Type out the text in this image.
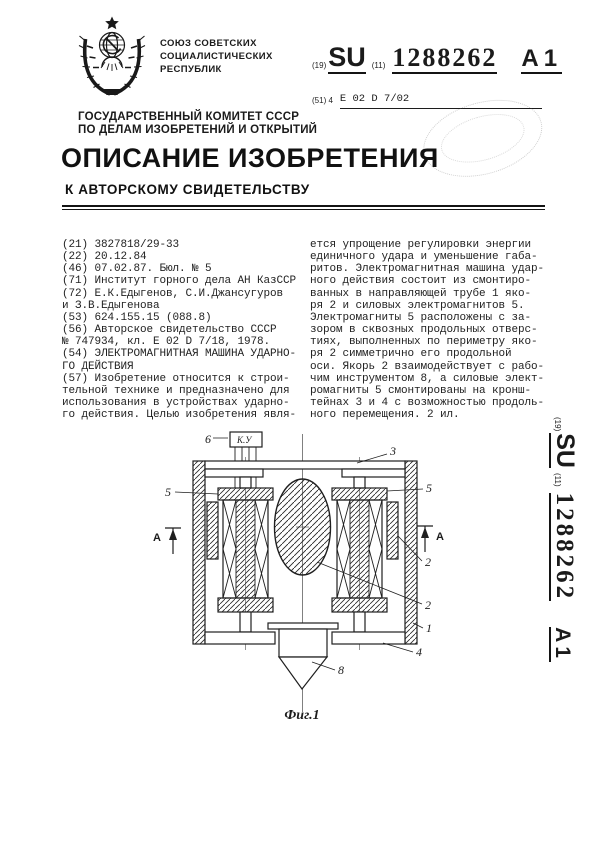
СОЮЗ СОВЕТСКИХ
СОЦИАЛИСТИЧЕСКИХ
РЕСПУБЛИК	(19) SU (11) 1288262 A1
(51) 4 E 02 D 7/02
ГОСУДАРСТВЕННЫЙ КОМИТЕТ СССР
ПО ДЕЛАМ ИЗОБРЕТЕНИЙ И ОТКРЫТИЙ
ОПИСАНИЕ ИЗОБРЕТЕНИЯ
К АВТОРСКОМУ СВИДЕТЕЛЬСТВУ
(21) 3827818/29-33
(22) 20.12.84
(46) 07.02.87. Бюл. № 5
(71) Институт горного дела АН КазССР
(72) Е.К.Едыгенов, С.И.Джансугуров
и З.В.Едыгенова
(53) 624.155.15 (088.8)
(56) Авторское свидетельство СССР
№ 747934, кл. E 02 D 7/18, 1978.
(54) ЭЛЕКТРОМАГНИТНАЯ МАШИНА УДАРНО-
ГО ДЕЙСТВИЯ
(57) Изобретение относится к строи-
тельной технике и предназначено для
использования в устройствах ударно-
го действия. Целью изобретения явля-
ется упрощение регулировки энергии
единичного удара и уменьшение габа-
ритов. Электромагнитная машина удар-
ного действия состоит из смонтиро-
ванных в направляющей трубе 1 яко-
ря 2 и силовых электромагнитов 5.
Электромагниты 5 расположены с за-
зором в сквозных продольных отверс-
тиях, выполненных по периметру яко-
ря 2 симметрично его продольной
оси. Якорь 2 взаимодействует с рабо-
чим инструментом 8, а силовые элект-
ромагниты 5 смонтированы на кронш-
тейнах 3 и 4 с возможностью продоль-
ного перемещения. 2 ил.
6
3
5	5
2
2
1
4
8
К.У
А	А
Фиг.1
(19)
SU
(11)
1288262
A1
